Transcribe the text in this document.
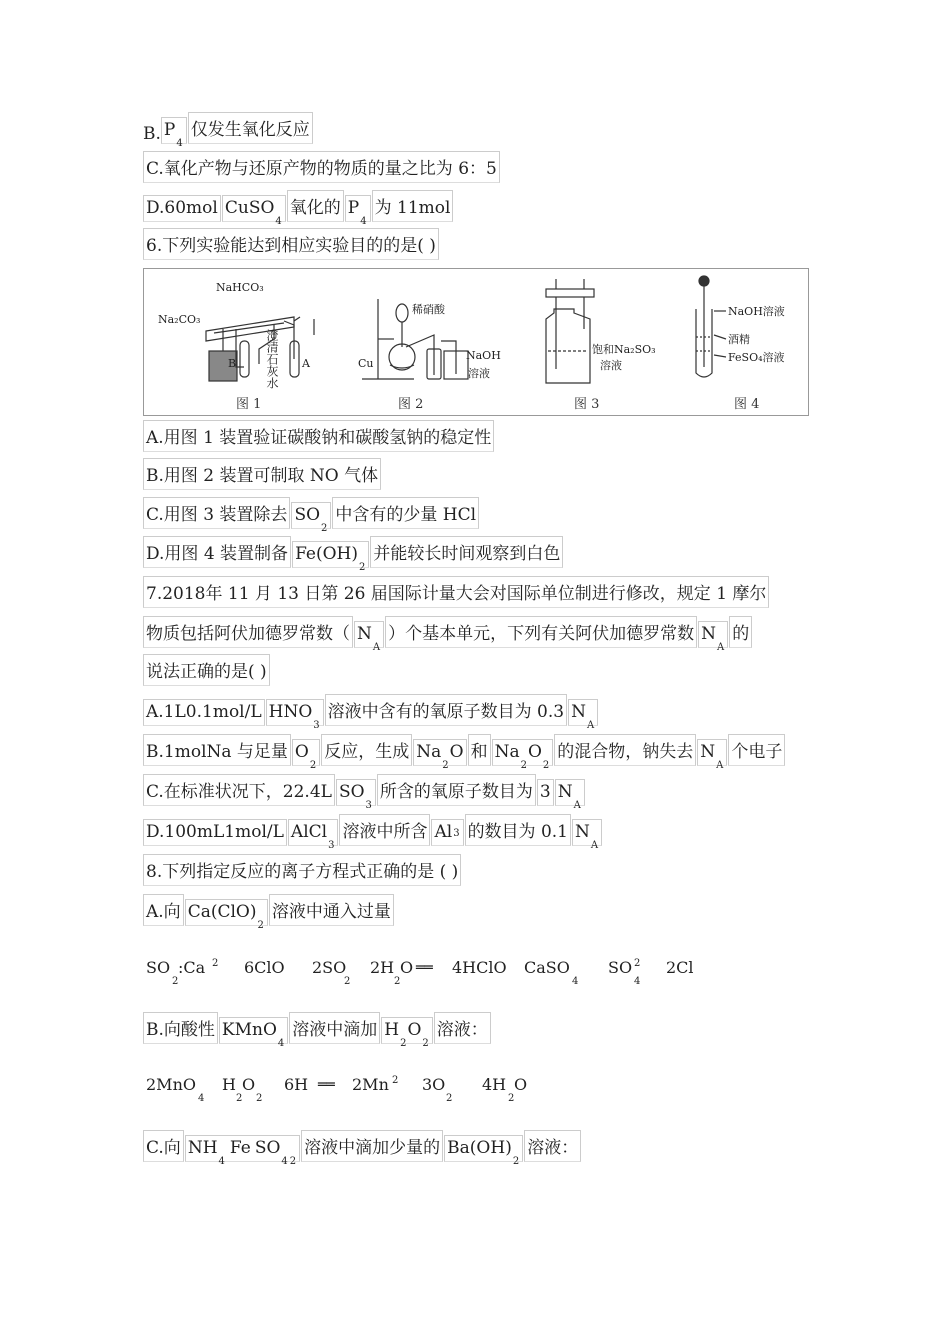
B. P
4
仅发生氧化反应
C.氧化产物与还原产物的物质的量之比为 6：5
D.60mol CuSO
4
氧化的 P
4
为 11mol
6.下列实验能达到相应实验目的的是( )
NaHCO₃
Na₂CO₃
B	A
澄清石灰水
稀硝酸
Cu
NaOH
溶液
饱和Na₂SO₃
溶液
NaOH溶液
酒精
FeSO₄溶液
图 1	图 2	图 3	图 4
A.用图 1 装置验证碳酸钠和碳酸氢钠的稳定性
B.用图 2 装置可制取 NO 气体
C.用图 3 装置除去 SO
2
中含有的少量 HCl
D.用图 4 装置制备 Fe(OH)
2
并能较长时间观察到白色
7.2018年 11 月 13 日第 26 届国际计量大会对国际单位制进行修改，规定 1 摩尔
物质包括阿伏加德罗常数（ N
A
）个基本单元，下列有关阿伏加德罗常数 N
A
的
说法正确的是( )
A.1L0.1mol/L HNO
3
溶液中含有的氧原子数目为 0.3 N
A
B.1molNa 与足量 O
2
反应，生成 Na
2
O 和 Na
2
O
2
的混合物，钠失去 N
A
个电子
C.在标准状况下，22.4L SO
3
所含的氧原子数目为 3 N
A
D.100mL1mol/L AlCl
3
溶液中所含 Al 3 的数目为 0.1 N
A
8.下列指定反应的离子方程式正确的是 ( )
A.向 Ca(ClO)
2
溶液中通入过量
SO
2
:Ca 2 6ClO 2SO
2
2H
2
O ══ 4HClO CaSO
4
SO 2
4
2Cl
B.向酸性 KMnO
4
溶液中滴加 H
2
O
2
溶液：
2MnO
4
H
2
O
2
6H ══ 2Mn 2 3O
2
4H
2
O
C.向 NH
4
Fe SO
4 2
溶液中滴加少量的 Ba(OH)
2
溶液：
